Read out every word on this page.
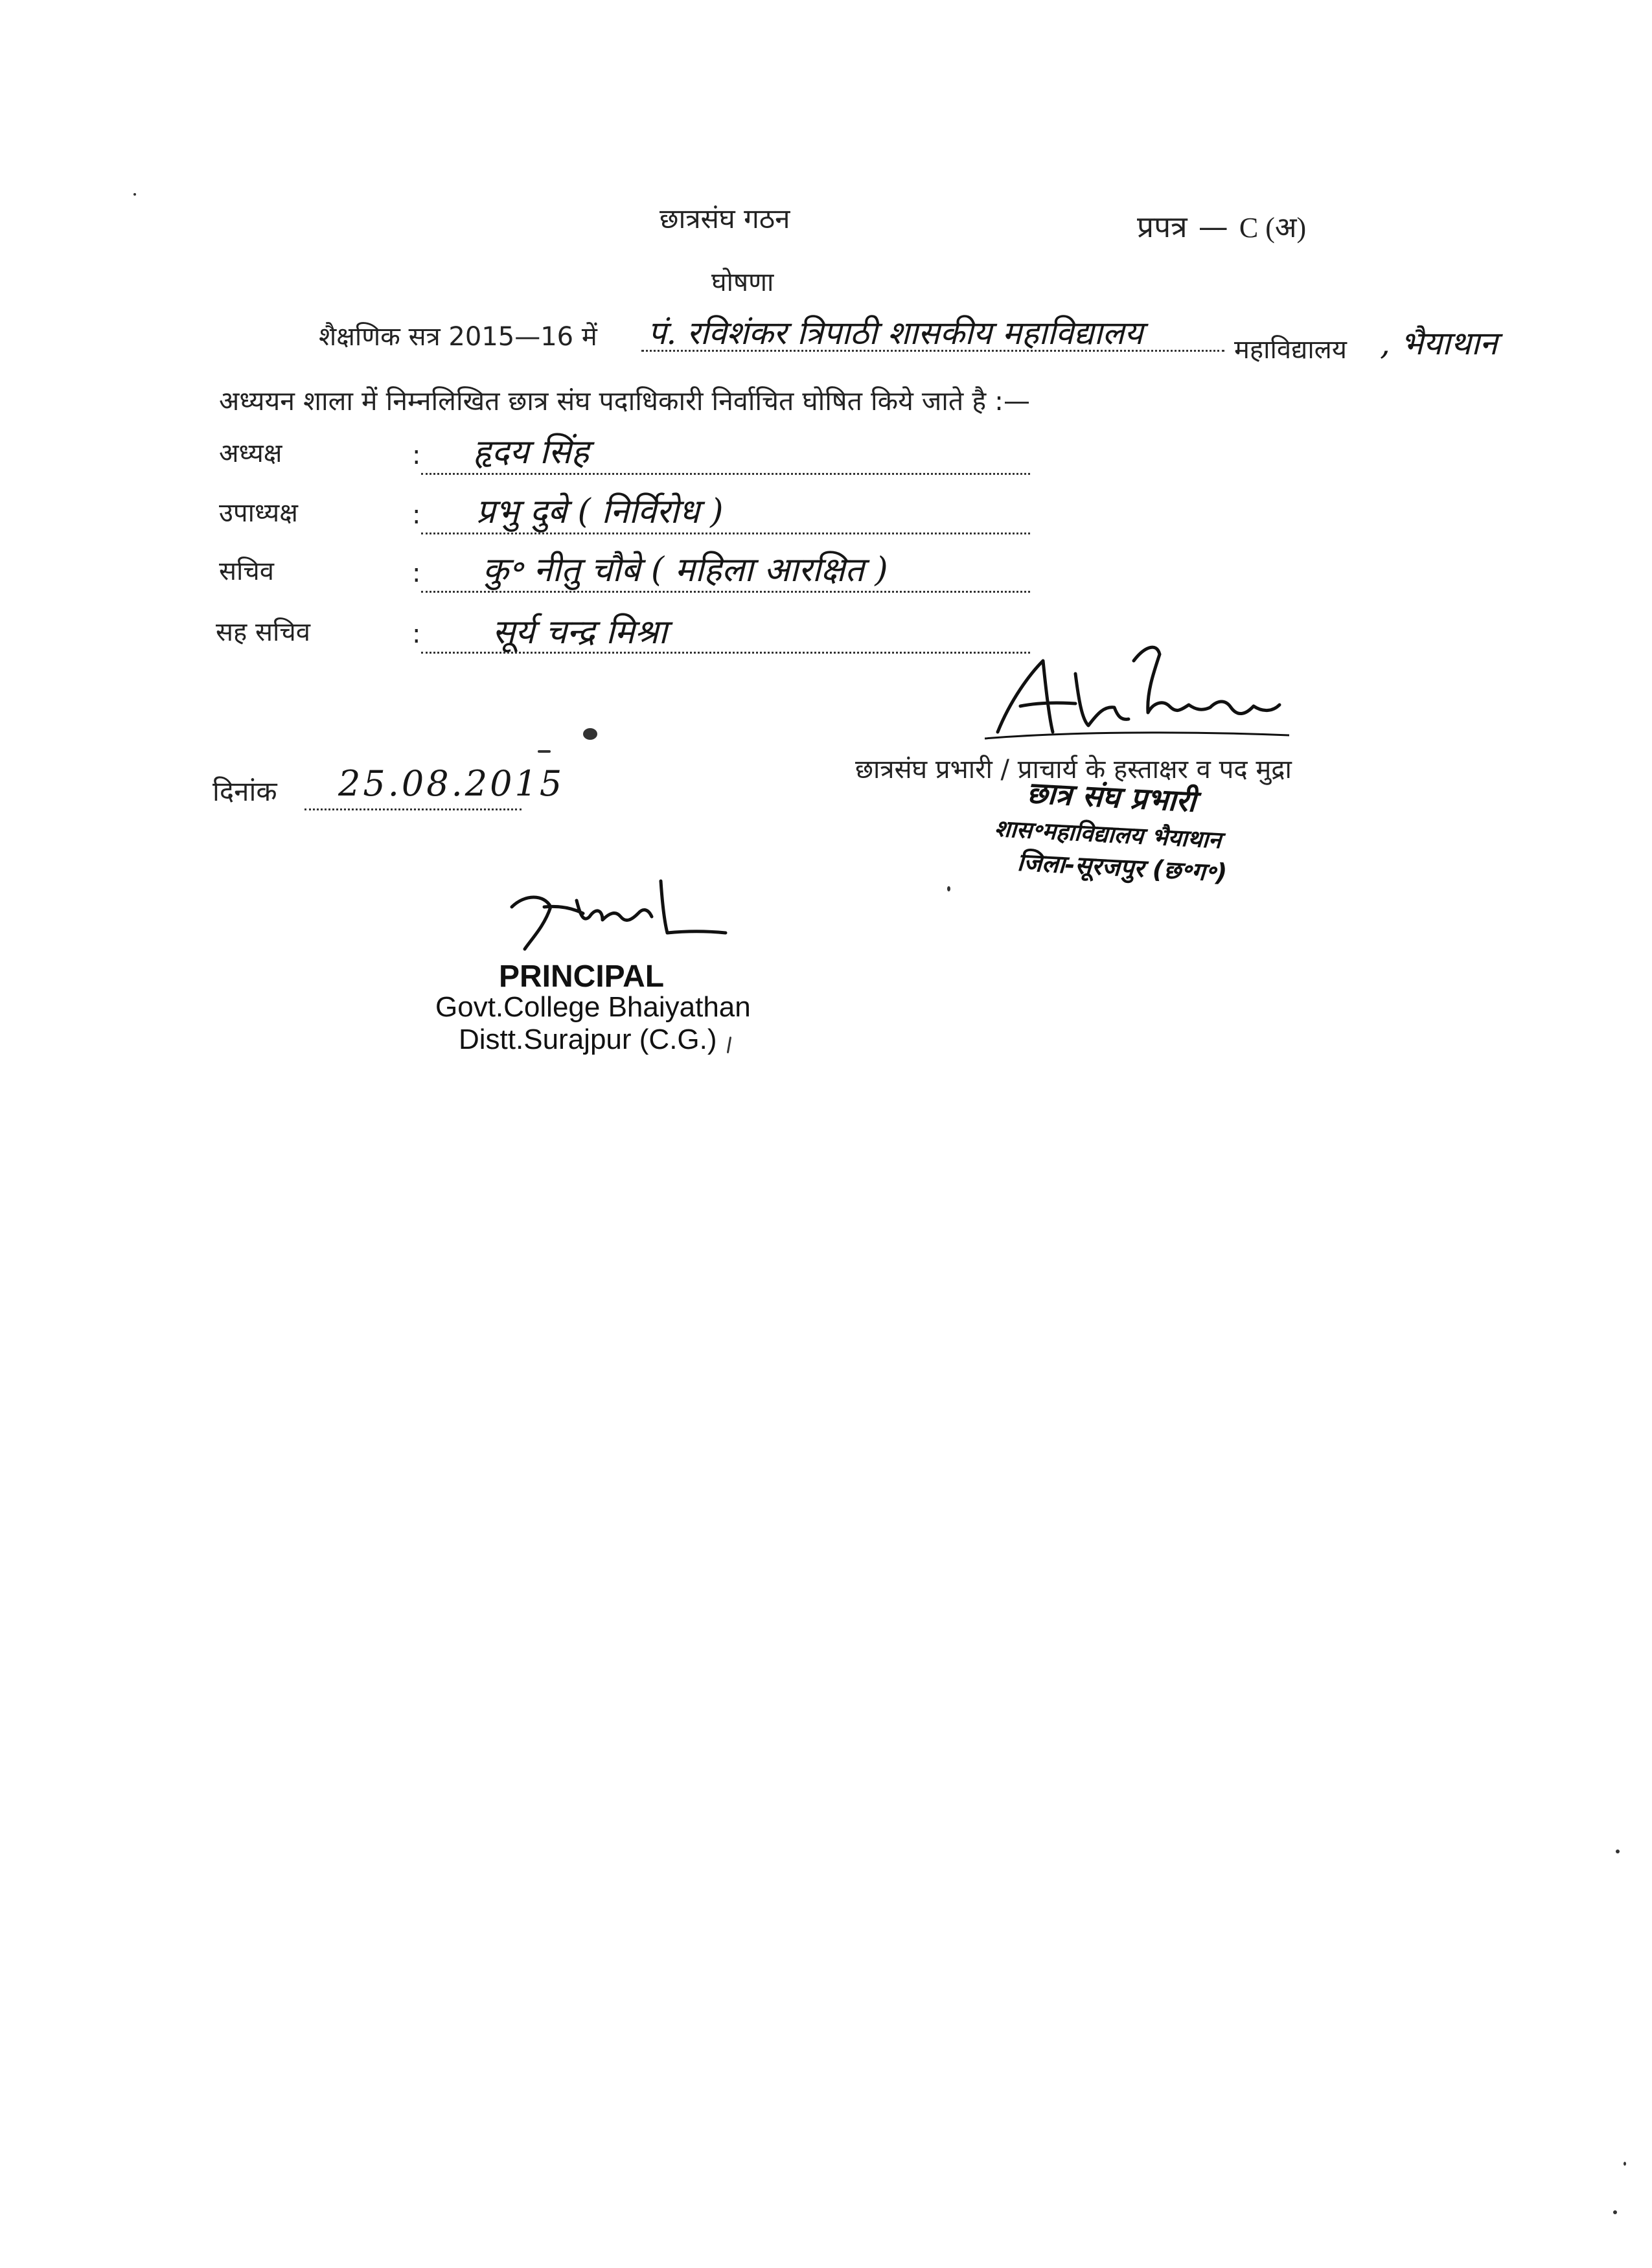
छात्रसंघ गठन	प्रपत्र — C (अ)
घोषणा
शैक्षणिक सत्र 2015—16 में पं. रविशंकर त्रिपाठी शासकीय महाविद्यालय	महाविद्यालय , भैयाथान
अध्ययन शाला में निम्नलिखित छात्र संघ पदाधिकारी निर्वाचित घोषित किये जाते है :—
अध्यक्ष	: हृदय सिंह
उपाध्यक्ष	: प्रभु दुबे ( निर्विरोध )
सचिव	: कु॰ नीतु चौबे ( महिला आरक्षित )
सह सचिव	: सूर्य चन्द्र मिश्रा
छात्रसंघ प्रभारी / प्राचार्य के हस्ताक्षर व पद मुद्रा
छात्र संघ प्रभारी
शास॰महाविद्यालय भैयाथान
जिला-सूरजपुर (छ॰ग॰)
दिनांक 25.08.2015
PRINCIPAL
Govt.College Bhaiyathan
Distt.Surajpur (C.G.)
